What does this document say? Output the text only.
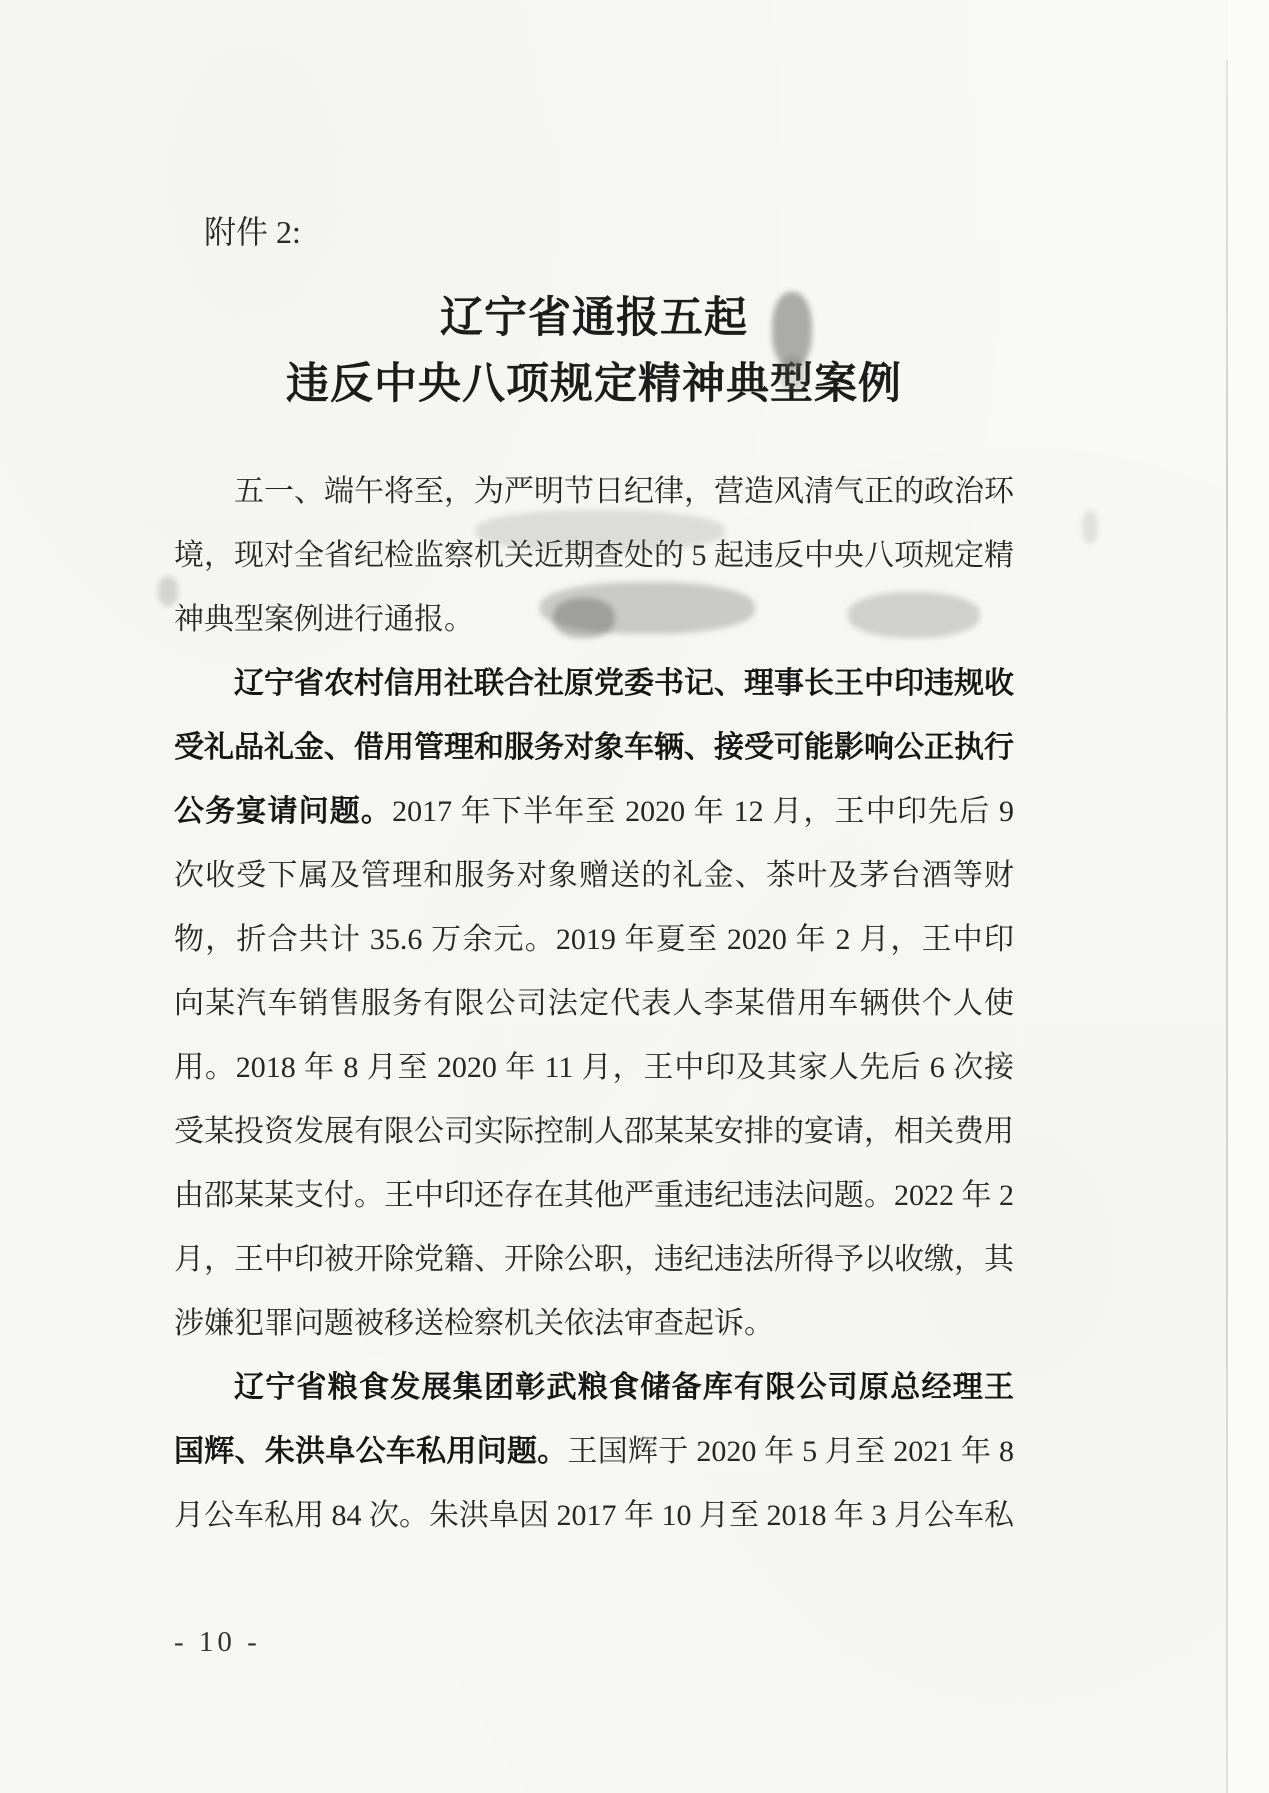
附件 2:
辽宁省通报五起
违反中央八项规定精神典型案例
五一、端午将至，为严明节日纪律，营造风清气正的政治环
境，现对全省纪检监察机关近期查处的 5 起违反中央八项规定精
神典型案例进行通报。
辽宁省农村信用社联合社原党委书记、理事长王中印违规收
受礼品礼金、借用管理和服务对象车辆、接受可能影响公正执行
公务宴请问题。2017 年下半年至 2020 年 12 月，王中印先后 9
次收受下属及管理和服务对象赠送的礼金、茶叶及茅台酒等财
物，折合共计 35.6 万余元。2019 年夏至 2020 年 2 月，王中印
向某汽车销售服务有限公司法定代表人李某借用车辆供个人使
用。2018 年 8 月至 2020 年 11 月，王中印及其家人先后 6 次接
受某投资发展有限公司实际控制人邵某某安排的宴请，相关费用
由邵某某支付。王中印还存在其他严重违纪违法问题。2022 年 2
月，王中印被开除党籍、开除公职，违纪违法所得予以收缴，其
涉嫌犯罪问题被移送检察机关依法审查起诉。
辽宁省粮食发展集团彰武粮食储备库有限公司原总经理王
国辉、朱洪阜公车私用问题。王国辉于 2020 年 5 月至 2021 年 8
月公车私用 84 次。朱洪阜因 2017 年 10 月至 2018 年 3 月公车私
- 10 -
